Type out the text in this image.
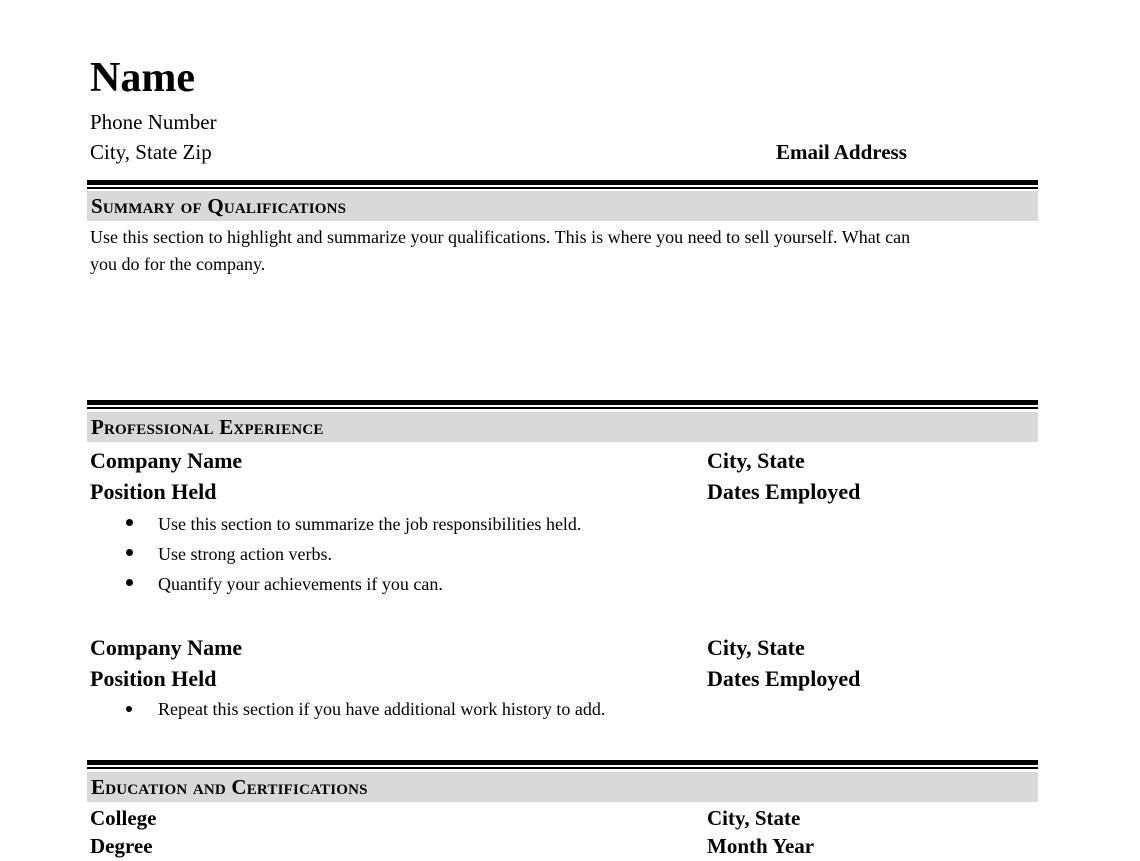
Name
Phone Number
City, State Zip	Email Address
Summary of Qualifications
Use this section to highlight and summarize your qualifications. This is where you need to sell yourself. What can
you do for the company.
Professional Experience
Company Name	City, State
Position Held	Dates Employed
Use this section to summarize the job responsibilities held.
Use strong action verbs.
Quantify your achievements if you can.
Company Name	City, State
Position Held	Dates Employed
Repeat this section if you have additional work history to add.
Education and Certifications
College	City, State
Degree	Month Year
